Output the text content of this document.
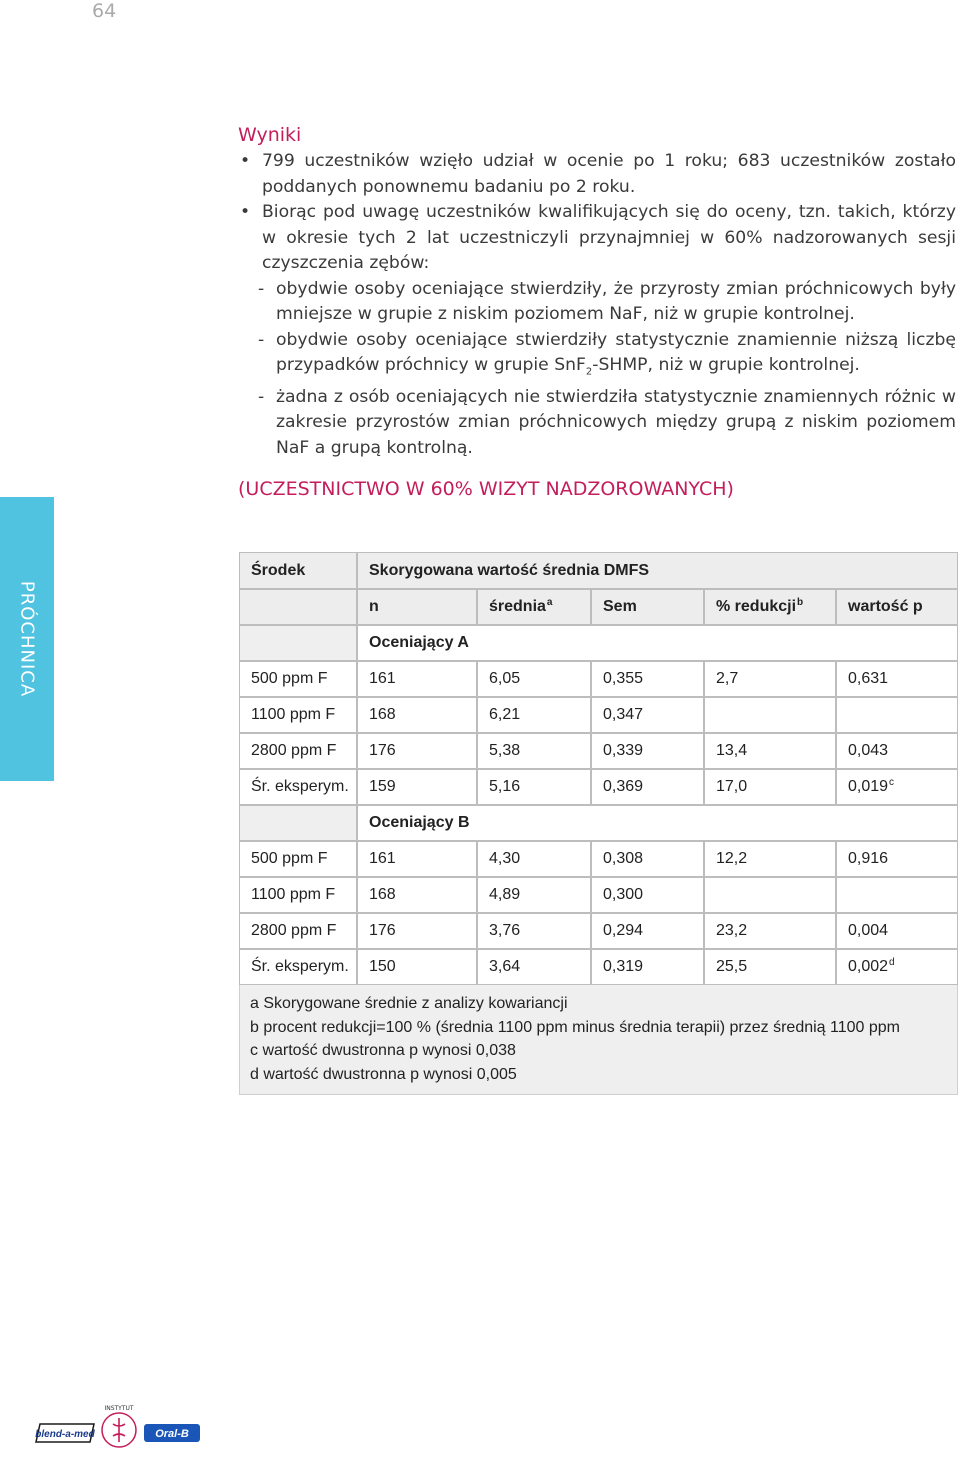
64
PRÓCHNICA
Wyniki
• 799 uczestników wzięło udział w ocenie po 1 roku; 683 uczestników zostało poddanych ponownemu badaniu po 2 roku.
• Biorąc pod uwagę uczestników kwalifikujących się do oceny, tzn. takich, którzy w okresie tych 2 lat uczestniczyli przynajmniej w 60% nadzorowanych sesji czyszczenia zębów:
- obydwie osoby oceniające stwierdziły, że przyrosty zmian próchnicowych były mniejsze w grupie z niskim poziomem NaF, niż w grupie kontrolnej.
- obydwie osoby oceniające stwierdziły statystycznie znamiennie niższą liczbę przypadków próchnicy w grupie SnF$_2$-SHMP, niż w grupie kontrolnej.
- żadna z osób oceniających nie stwierdziła statystycznie znamiennych różnic w zakresie przyrostów zmian próchnicowych między grupą z niskim poziomem NaF a grupą kontrolną.
(UCZESTNICTWO W 60% WIZYT NADZOROWANYCH)
Środek	Skorygowana wartość średnia DMFS
n	średnia$^a$	Sem	% redukcji$^b$	wartość p
Oceniający A
500 ppm F	161	6,05	0,355	2,7	0,631
1100 ppm F 168	6,21	0,347
2800 ppm F 176	5,38	0,339	13,4	0,043
Śr. eksperym. 159	5,16	0,369	17,0	0,019$^c$
Oceniający B
500 ppm F	161	4,30	0,308	12,2	0,916
1100 ppm F 168	4,89	0,300
2800 ppm F 176	3,76	0,294	23,2	0,004
Śr. eksperym. 150	3,64	0,319	25,5	0,002$^d$
a Skorygowane średnie z analizy kowariancji
b procent redukcji=100 % (średnia 1100 ppm minus średnia terapii) przez średnią 1100 ppm
c wartość dwustronna p wynosi 0,038
d wartość dwustronna p wynosi 0,005
blend-a-med
INSTYTUT
Oral-B
